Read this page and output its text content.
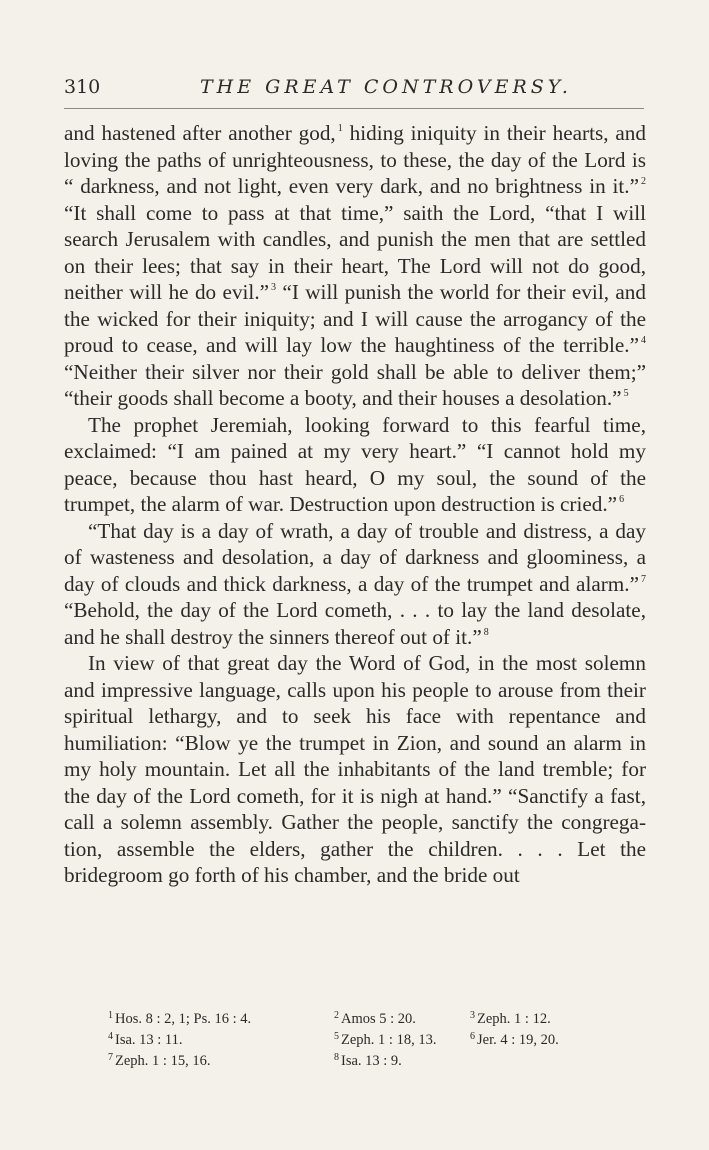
310	THE GREAT CONTROVERSY.

and hastened after another god, $^1$ hiding iniquity in their hearts, and loving the paths of unrighteousness, to these, the day of the Lord is “ darkness, and not light, even very dark, and no brightness in it.” $^2$ “It shall come to pass at that time,” saith the Lord, “that I will search Jerusalem with candles, and punish the men that are settled on their lees; that say in their heart, The Lord will not do good, neither will he do evil.” $^3$ “I will punish the world for their evil, and the wicked for their iniquity; and I will cause the arrogancy of the proud to cease, and will lay low the haughtiness of the terrible.” $^4$ “Neither their silver nor their gold shall be able to deliver them;” “their goods shall become a booty, and their houses a desolation.” $^5$

The prophet Jeremiah, looking forward to this fearful time, exclaimed: “I am pained at my very heart.” “I cannot hold my peace, because thou hast heard, O my soul, the sound of the trumpet, the alarm of war. Destruction upon destruction is cried.” $^6$

“That day is a day of wrath, a day of trouble and distress, a day of wasteness and desolation, a day of darkness and gloominess, a day of clouds and thick darkness, a day of the trumpet and alarm.” $^7$ “Behold, the day of the Lord cometh, . . . to lay the land desolate, and he shall destroy the sinners thereof out of it.” $^8$

In view of that great day the Word of God, in the most solemn and impressive language, calls upon his people to arouse from their spiritual lethargy, and to seek his face with repentance and humiliation: “Blow ye the trumpet in Zion, and sound an alarm in my holy mountain. Let all the inhabitants of the land tremble; for the day of the Lord cometh, for it is nigh at hand.” “Sanctify a fast, call a solemn assembly. Gather the people, sanctify the congregation, assemble the elders, gather the children. . . . Let the bridegroom go forth of his chamber, and the bride out

$^1$ Hos. 8 : 2, 1; Ps. 16 : 4.	$^2$ Amos 5 : 20.	$^3$ Zeph. 1 : 12.
$^4$ Isa. 13 : 11.	$^5$ Zeph. 1 : 18, 13.	$^6$ Jer. 4 : 19, 20.
$^7$ Zeph. 1 : 15, 16.	$^8$ Isa. 13 : 9.
